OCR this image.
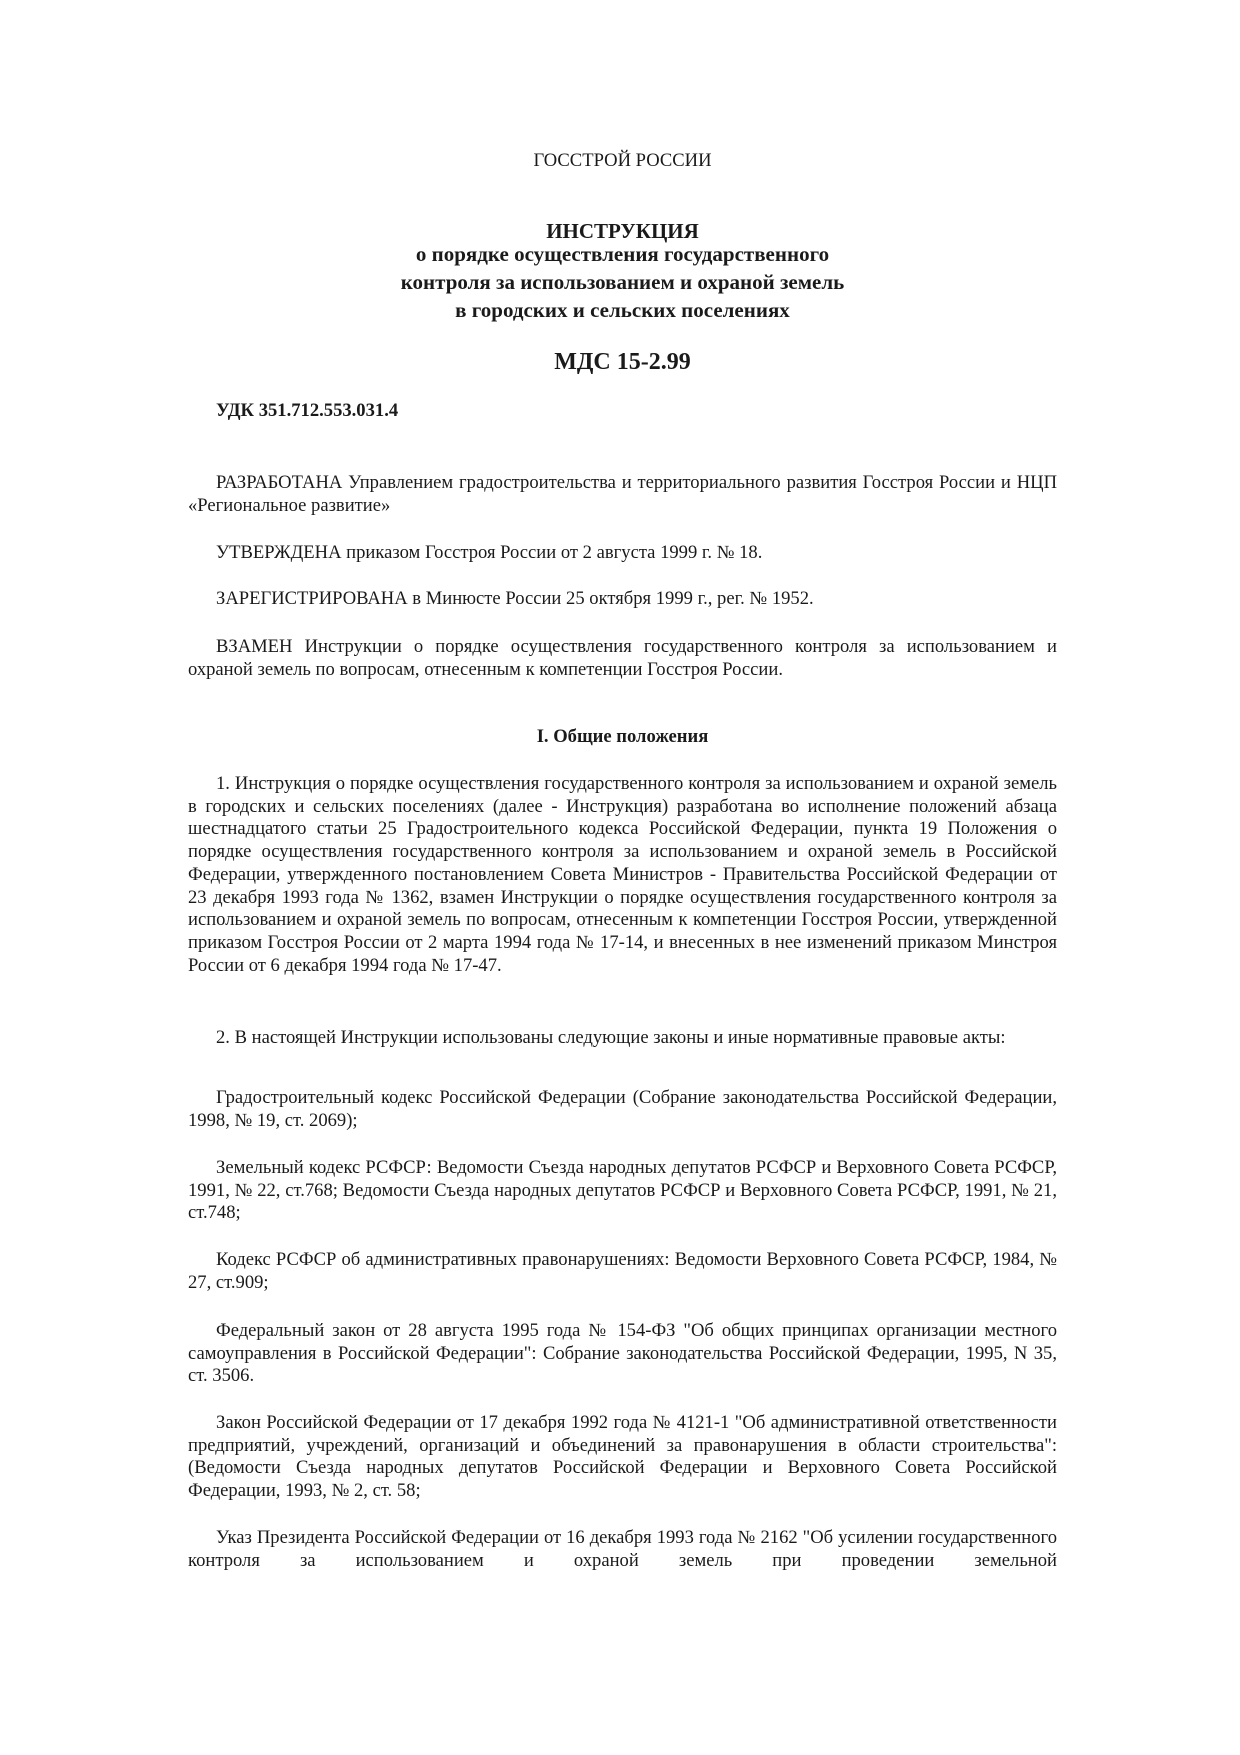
ГОССТРОЙ РОССИИ
ИНСТРУКЦИЯ
о порядке осуществления государственного
контроля за использованием и охраной земель
в городских и сельских поселениях
МДС 15-2.99
УДК 351.712.553.031.4

РАЗРАБОТАНА Управлением градостроительства и территориального развития Госстроя России и НЦП «Региональное развитие»

УТВЕРЖДЕНА приказом Госстроя России от 2 августа 1999 г. № 18.

ЗАРЕГИСТРИРОВАНА в Минюсте России 25 октября 1999 г., рег. № 1952.

ВЗАМЕН Инструкции о порядке осуществления государственного контроля за использованием и охраной земель по вопросам, отнесенным к компетенции Госстроя России.

I. Общие положения

1. Инструкция о порядке осуществления государственного контроля за использованием и охраной земель в городских и сельских поселениях (далее - Инструкция) разработана во исполнение положений абзаца шестнадцатого статьи 25 Градостроительного кодекса Российской Федерации, пункта 19 Положения о порядке осуществления государственного контроля за использованием и охраной земель в Российской Федерации, утвержденного постановлением Совета Министров - Правительства Российской Федерации от 23 декабря 1993 года № 1362, взамен Инструкции о порядке осуществления государственного контроля за использованием и охраной земель по вопросам, отнесенным к компетенции Госстроя России, утвержденной приказом Госстроя России от 2 марта 1994 года № 17-14, и внесенных в нее изменений приказом Минстроя России от 6 декабря 1994 года № 17-47.

2. В настоящей Инструкции использованы следующие законы и иные нормативные правовые акты:

Градостроительный кодекс Российской Федерации (Собрание законодательства Российской Федерации, 1998, № 19, ст. 2069);

Земельный кодекс РСФСР: Ведомости Съезда народных депутатов РСФСР и Верховного Совета РСФСР, 1991, № 22, ст.768; Ведомости Съезда народных депутатов РСФСР и Верховного Совета РСФСР, 1991, № 21, ст.748;

Кодекс РСФСР об административных правонарушениях: Ведомости Верховного Совета РСФСР, 1984, № 27, ст.909;

Федеральный закон от 28 августа 1995 года № 154-ФЗ "Об общих принципах организации местного самоуправления в Российской Федерации": Собрание законодательства Российской Федерации, 1995, N 35, ст. 3506.

Закон Российской Федерации от 17 декабря 1992 года № 4121-1 "Об административной ответственности предприятий, учреждений, организаций и объединений за правонарушения в области строительства": (Ведомости Съезда народных депутатов Российской Федерации и Верховного Совета Российской Федерации, 1993, № 2, ст. 58;

Указ Президента Российской Федерации от 16 декабря 1993 года № 2162 "Об усилении государственного контроля за использованием и охраной земель при проведении земельной
